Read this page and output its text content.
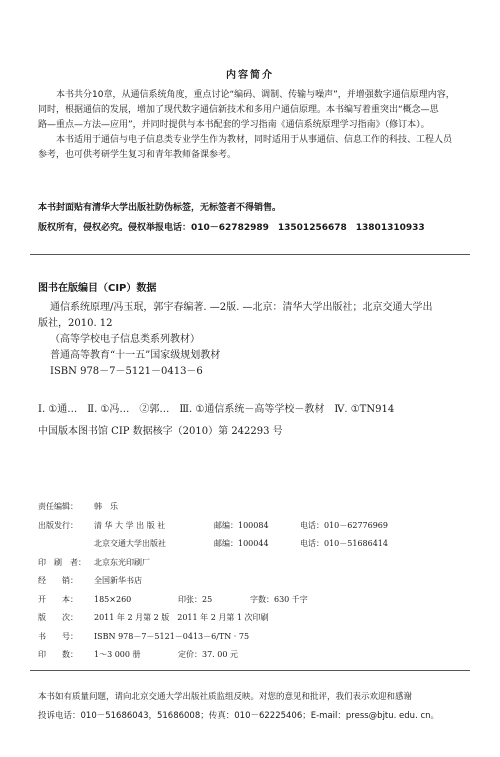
内容简介
本书共分10章，从通信系统角度，重点讨论“编码、调制、传输与噪声”，并增强数字通信原理内容，
同时，根据通信的发展，增加了现代数字通信新技术和多用户通信原理。本书编写着重突出“概念—思
路—重点—方法—应用”，并同时提供与本书配套的学习指南《通信系统原理学习指南》（修订本）。
本书适用于通信与电子信息类专业学生作为教材，同时适用于从事通信、信息工作的科技、工程人员
参考，也可供考研学生复习和青年教师备课参考。
本书封面贴有清华大学出版社防伪标签，无标签者不得销售。
版权所有，侵权必究。侵权举报电话：010－62782989　13501256678　13801310933
图书在版编目（CIP）数据
通信系统原理/冯玉珉，郭宇春编著. —2版. —北京：清华大学出版社；北京交通大学出
版社，2010. 12
（高等学校电子信息类系列教材）
普通高等教育“十一五”国家级规划教材
ISBN 978－7－5121－0413－6
Ⅰ. ①通…　Ⅱ. ①冯…　②郭…　Ⅲ. ①通信系统－高等学校－教材　Ⅳ. ①TN914
中国版本图书馆 CIP 数据核字（2010）第 242293 号
责任编辑： 韩　乐
出版发行： 清 华 大 学 出 版 社	邮编：100084	电话：010－62776969
北京交通大学出版社	邮编：100044	电话：010－51686414
印　刷　者： 北京东光印刷厂
经　　销： 全国新华书店
开　　本： 185×260	印张：25	字数：630 千字
版　　次： 2011 年 2 月第 2 版　2011 年 2 月第 1 次印刷
书　　号： ISBN 978－7－5121－0413－6/TN · 75
印　　数： 1～3 000 册	定价：37. 00 元
本书如有质量问题，请向北京交通大学出版社质监组反映。对您的意见和批评，我们表示欢迎和感谢
投诉电话：010－51686043，51686008；传真：010－62225406；E-mail：press@bjtu. edu. cn。
